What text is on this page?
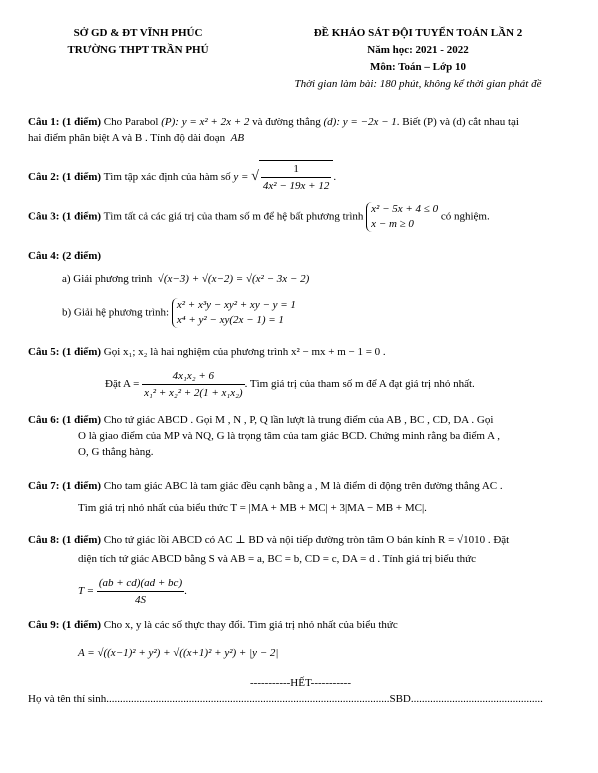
SỞ GD & ĐT VĨNH PHÚC
TRƯỜNG THPT TRẦN PHÚ
ĐỀ KHẢO SÁT ĐỘI TUYỂN TOÁN LẦN 2
Năm học: 2021 - 2022
Môn: Toán – Lớp 10
Thời gian làm bài: 180 phút, không kể thời gian phát đề
Câu 1: (1 điểm) Cho Parabol (P): y = x² + 2x + 2 và đường thẳng (d): y = −2x − 1. Biết (P) và (d) cắt nhau tại
hai điểm phân biệt A và B . Tính độ dài đoạn AB
Câu 2: (1 điểm) Tìm tập xác định của hàm số y = √ $\frac{1}{\text{4x² − 19x + 12}}$ .
Câu 3: (1 điểm) Tìm tất cả các giá trị của tham số m để hệ bất phương trình x² − 5x + 4 ≤ 0
x − m ≥ 0 có nghiệm.
Câu 4: (2 điểm)
a) Giải phương trình √(x−3) + √(x−2) = √(x² − 3x − 2)
b) Giải hệ phương trình: x² + x³y − xy² + xy − y = 1
x⁴ + y² − xy(2x − 1) = 1
Câu 5: (1 điểm) Gọi x₁; x₂ là hai nghiệm của phương trình x² − mx + m − 1 = 0 .
Đặt $A = \frac{\text{4x₁x₂ + 6}}{\text{x₁² + x₂² + 2(1 + x₁x₂)}}$ . Tìm giá trị của tham số m để A đạt giá trị nhỏ nhất.
Câu 6: (1 điểm) Cho tứ giác ABCD . Gọi M , N , P, Q lần lượt là trung điểm của AB , BC , CD, DA . Gọi
O là giao điểm của MP và NQ, G là trọng tâm của tam giác BCD. Chứng minh rằng ba điểm A ,
O, G thẳng hàng.
Câu 7: (1 điểm) Cho tam giác ABC là tam giác đều cạnh bằng a , M là điểm di động trên đường thẳng AC .
Tìm giá trị nhỏ nhất của biểu thức T = |MA + MB + MC| + 3|MA − MB + MC|.
Câu 8: (1 điểm) Cho tứ giác lồi ABCD có AC ⊥ BD và nội tiếp đường tròn tâm O bán kính R = √1010 . Đặt
diện tích tứ giác ABCD bằng S và AB = a, BC = b, CD = c, DA = d . Tính giá trị biểu thức
$T = \frac{(ab + cd)(ad + bc)}{4S}$ .
Câu 9: (1 điểm) Cho x, y là các số thực thay đổi. Tìm giá trị nhỏ nhất của biểu thức
A = √((x−1)² + y²) + √((x+1)² + y²) + |y − 2|
-----------HẾT-----------
Họ và tên thí sinh.......................................................................................................SBD................................................
